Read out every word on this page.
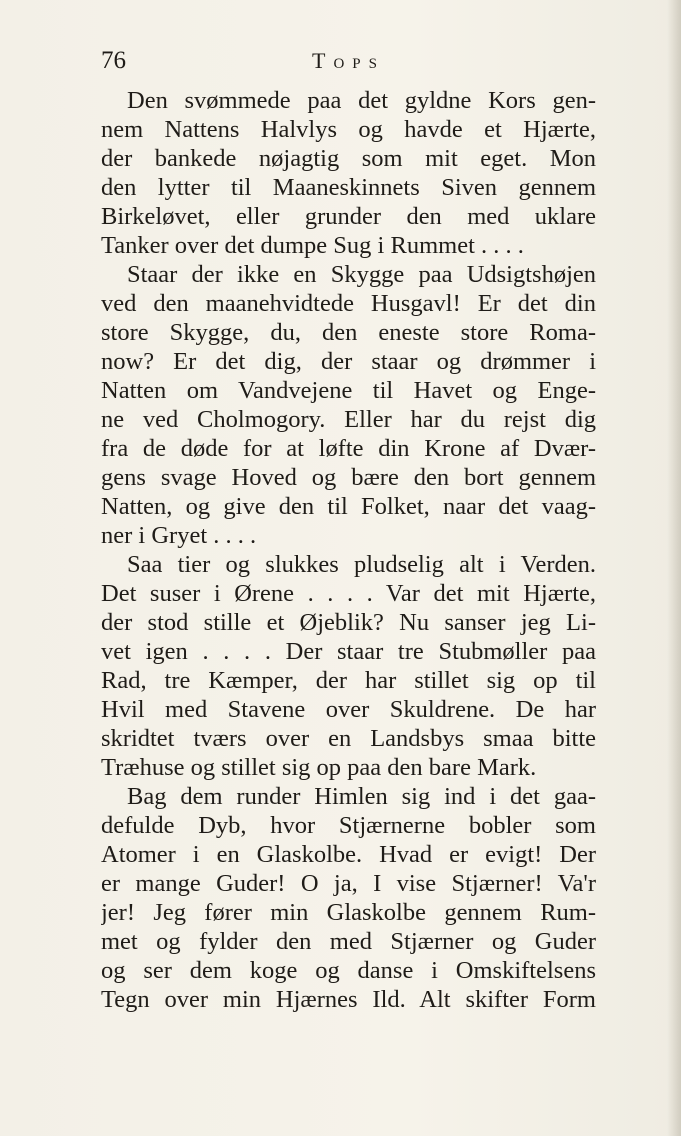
76	Tops
Den svømmede paa det gyldne Kors gen-
nem Nattens Halvlys og havde et Hjærte,
der bankede nøjagtig som mit eget. Mon
den lytter til Maaneskinnets Siven gennem
Birkeløvet, eller grunder den med uklare
Tanker over det dumpe Sug i Rummet . . . .
Staar der ikke en Skygge paa Udsigtshøjen
ved den maanehvidtede Husgavl! Er det din
store Skygge, du, den eneste store Roma-
now? Er det dig, der staar og drømmer i
Natten om Vandvejene til Havet og Enge-
ne ved Cholmogory. Eller har du rejst dig
fra de døde for at løfte din Krone af Dvær-
gens svage Hoved og bære den bort gennem
Natten, og give den til Folket, naar det vaag-
ner i Gryet . . . .
Saa tier og slukkes pludselig alt i Verden.
Det suser i Ørene . . . . Var det mit Hjærte,
der stod stille et Øjeblik? Nu sanser jeg Li-
vet igen . . . . Der staar tre Stubmøller paa
Rad, tre Kæmper, der har stillet sig op til
Hvil med Stavene over Skuldrene. De har
skridtet tværs over en Landsbys smaa bitte
Træhuse og stillet sig op paa den bare Mark.
Bag dem runder Himlen sig ind i det gaa-
defulde Dyb, hvor Stjærnerne bobler som
Atomer i en Glaskolbe. Hvad er evigt! Der
er mange Guder! O ja, I vise Stjærner! Va'r
jer! Jeg fører min Glaskolbe gennem Rum-
met og fylder den med Stjærner og Guder
og ser dem koge og danse i Omskiftelsens
Tegn over min Hjærnes Ild. Alt skifter Form
